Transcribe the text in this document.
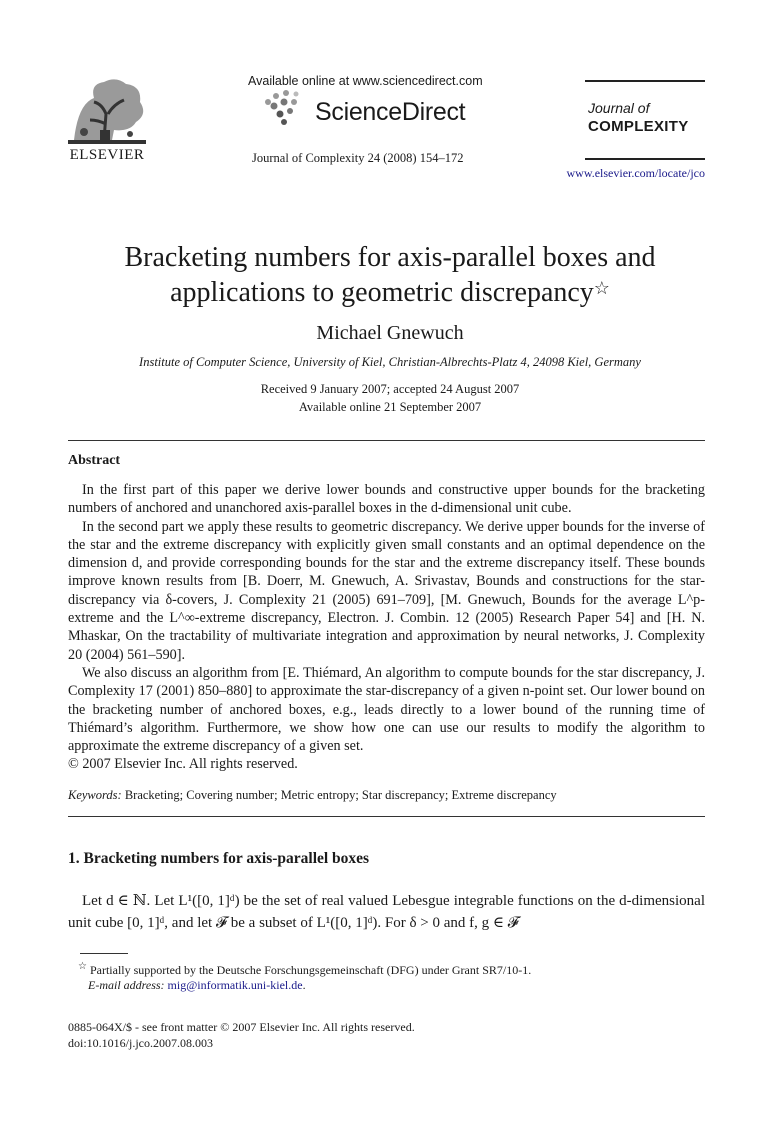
ELSEVIER
Available online at www.sciencedirect.com
ScienceDirect
Journal of Complexity 24 (2008) 154–172
Journal of
COMPLEXITY
www.elsevier.com/locate/jco
Bracketing numbers for axis-parallel boxes and
applications to geometric discrepancy☆
Michael Gnewuch
Institute of Computer Science, University of Kiel, Christian-Albrechts-Platz 4, 24098 Kiel, Germany
Received 9 January 2007; accepted 24 August 2007
Available online 21 September 2007
Abstract

In the first part of this paper we derive lower bounds and constructive upper bounds for the bracketing numbers of anchored and unanchored axis-parallel boxes in the d-dimensional unit cube.

In the second part we apply these results to geometric discrepancy. We derive upper bounds for the inverse of the star and the extreme discrepancy with explicitly given small constants and an optimal dependence on the dimension d, and provide corresponding bounds for the star and the extreme discrepancy itself. These bounds improve known results from [B. Doerr, M. Gnewuch, A. Srivastav, Bounds and constructions for the star-discrepancy via δ-covers, J. Complexity 21 (2005) 691–709], [M. Gnewuch, Bounds for the average L^p-extreme and the L^∞-extreme discrepancy, Electron. J. Combin. 12 (2005) Research Paper 54] and [H. N. Mhaskar, On the tractability of multivariate integration and approximation by neural networks, J. Complexity 20 (2004) 561–590].

We also discuss an algorithm from [E. Thiémard, An algorithm to compute bounds for the star discrepancy, J. Complexity 17 (2001) 850–880] to approximate the star-discrepancy of a given n-point set. Our lower bound on the bracketing number of anchored boxes, e.g., leads directly to a lower bound of the running time of Thiémard’s algorithm. Furthermore, we show how one can use our results to modify the algorithm to approximate the extreme discrepancy of a given set.

© 2007 Elsevier Inc. All rights reserved.

Keywords: Bracketing; Covering number; Metric entropy; Star discrepancy; Extreme discrepancy
1. Bracketing numbers for axis-parallel boxes

Let d ∈ ℕ. Let L¹([0, 1]ᵈ) be the set of real valued Lebesgue integrable functions on the d-dimensional unit cube [0, 1]ᵈ, and let 𝓕 be a subset of L¹([0, 1]ᵈ). For δ > 0 and f, g ∈ 𝓕

☆ Partially supported by the Deutsche Forschungsgemeinschaft (DFG) under Grant SR7/10-1.
E-mail address: mig@informatik.uni-kiel.de.
0885-064X/$ - see front matter © 2007 Elsevier Inc. All rights reserved.
doi:10.1016/j.jco.2007.08.003
